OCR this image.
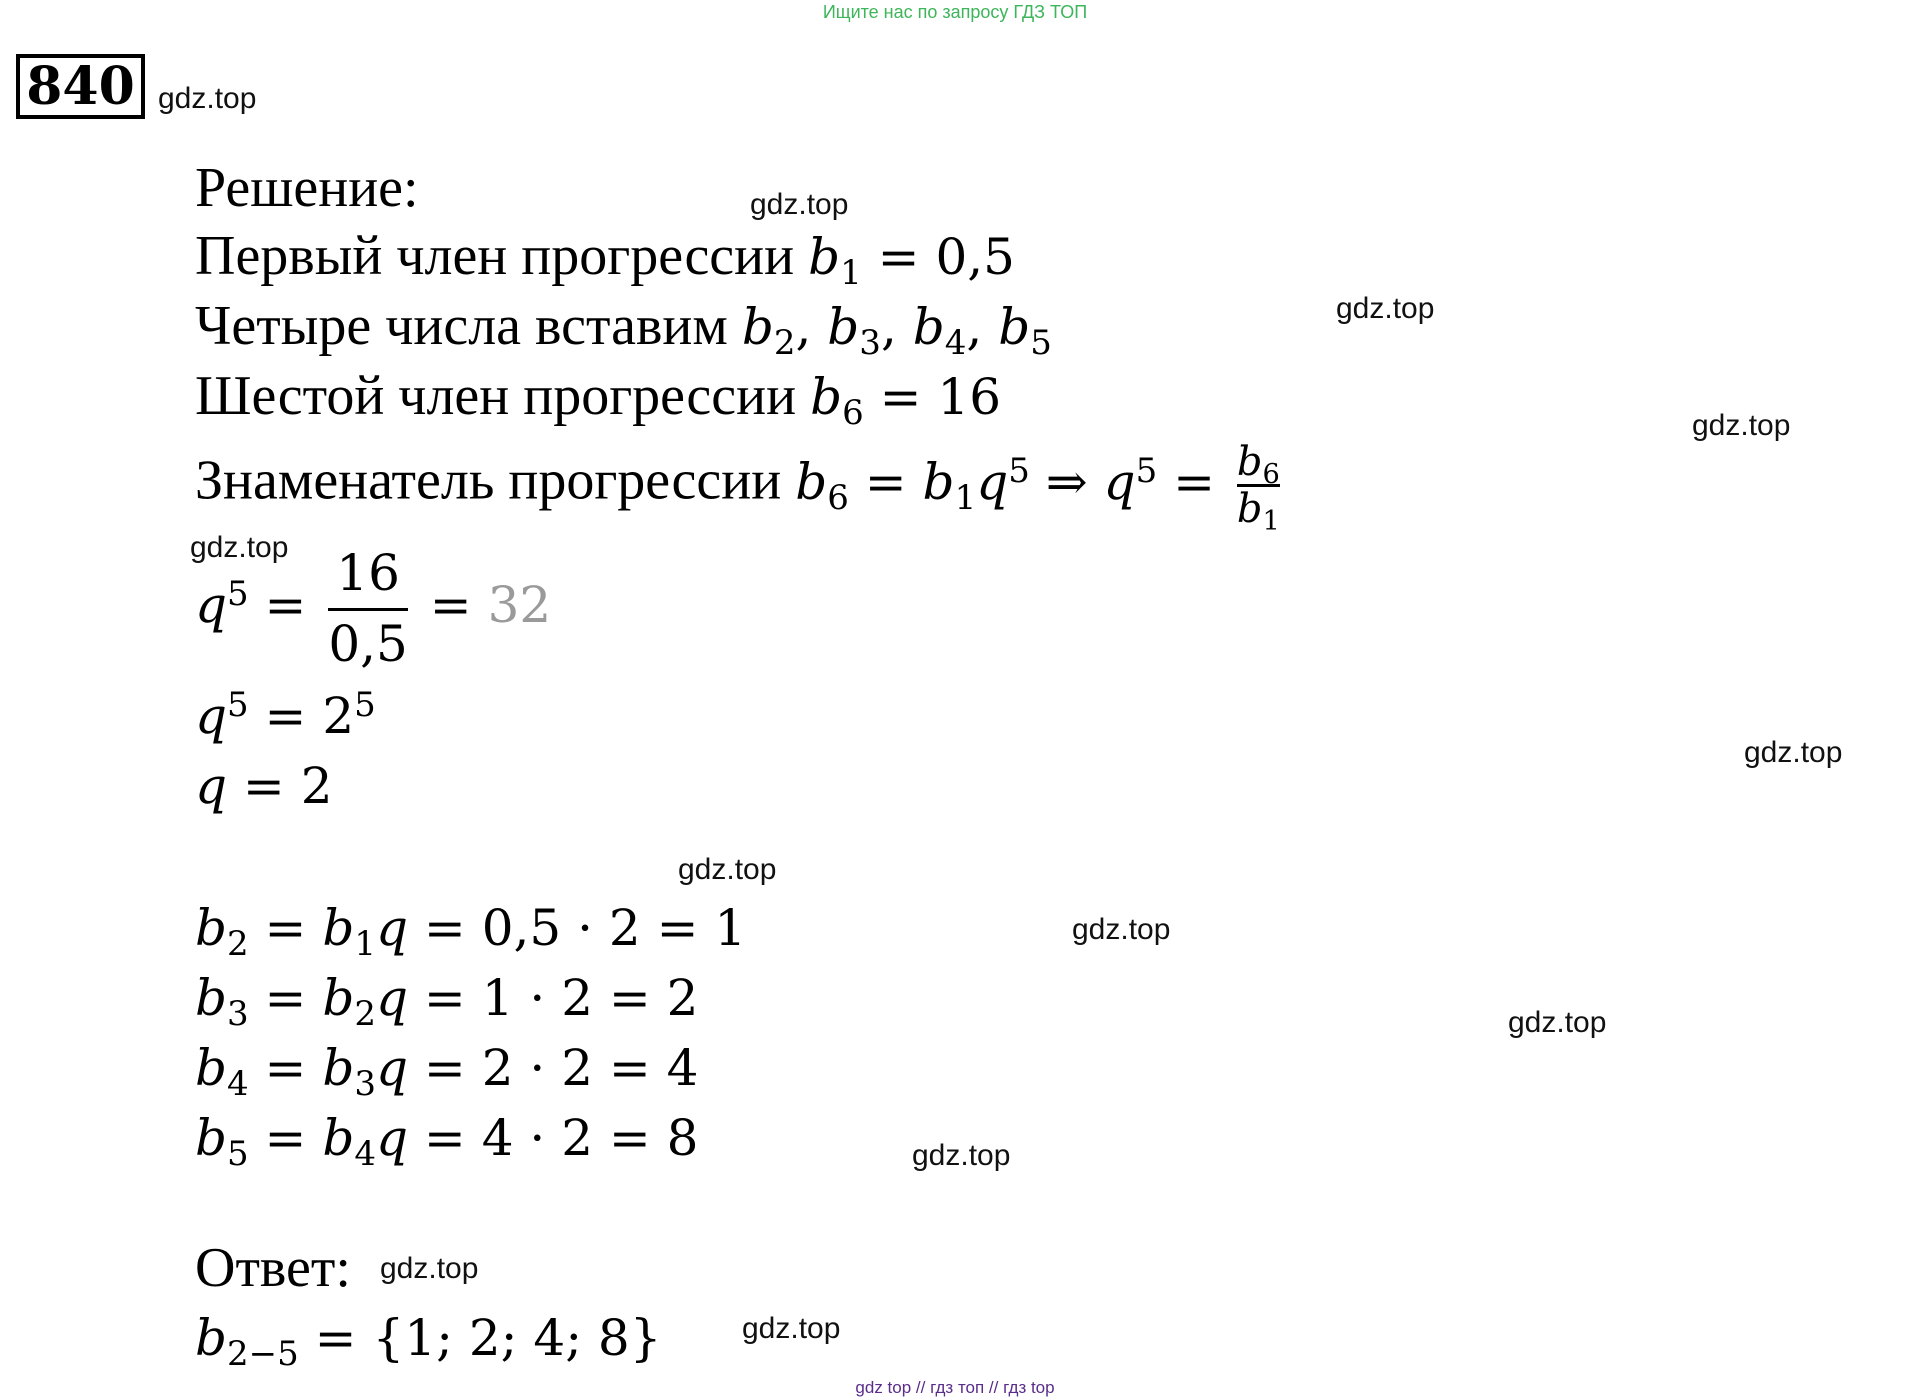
Ищите нас по запросу ГДЗ ТОП
840 gdz.top
gdz.top
gdz.top
gdz.top
gdz.top
gdz.top
gdz.top
gdz.top
gdz.top
gdz.top
gdz.top
gdz.top
Решение:
Первый член прогрессии $b_1 = 0,5$
Четыре числа вставим $b_2$, $b_3$, $b_4$, $b_5$
Шестой член прогрессии $b_6 = 16$
Знаменатель прогрессии $b_6 = b_1q^5$ ⇒ $q^5 = \frac{b_6}{b_1}$
$q^5 = \frac{16}{0,5} = 32$
$q^5 = 2^5$
q = 2
$b_2 = b_1q = 0,5 \cdot 2 = 1$
$b_3 = b_2q = 1 \cdot 2 = 2$
$b_4 = b_3q = 2 \cdot 2 = 4$
$b_5 = b_4q = 4 \cdot 2 = 8$
Ответ:
$b_{2-5} = \{1$; 2; 4; 8}
gdz top // гдз топ // гдз top
